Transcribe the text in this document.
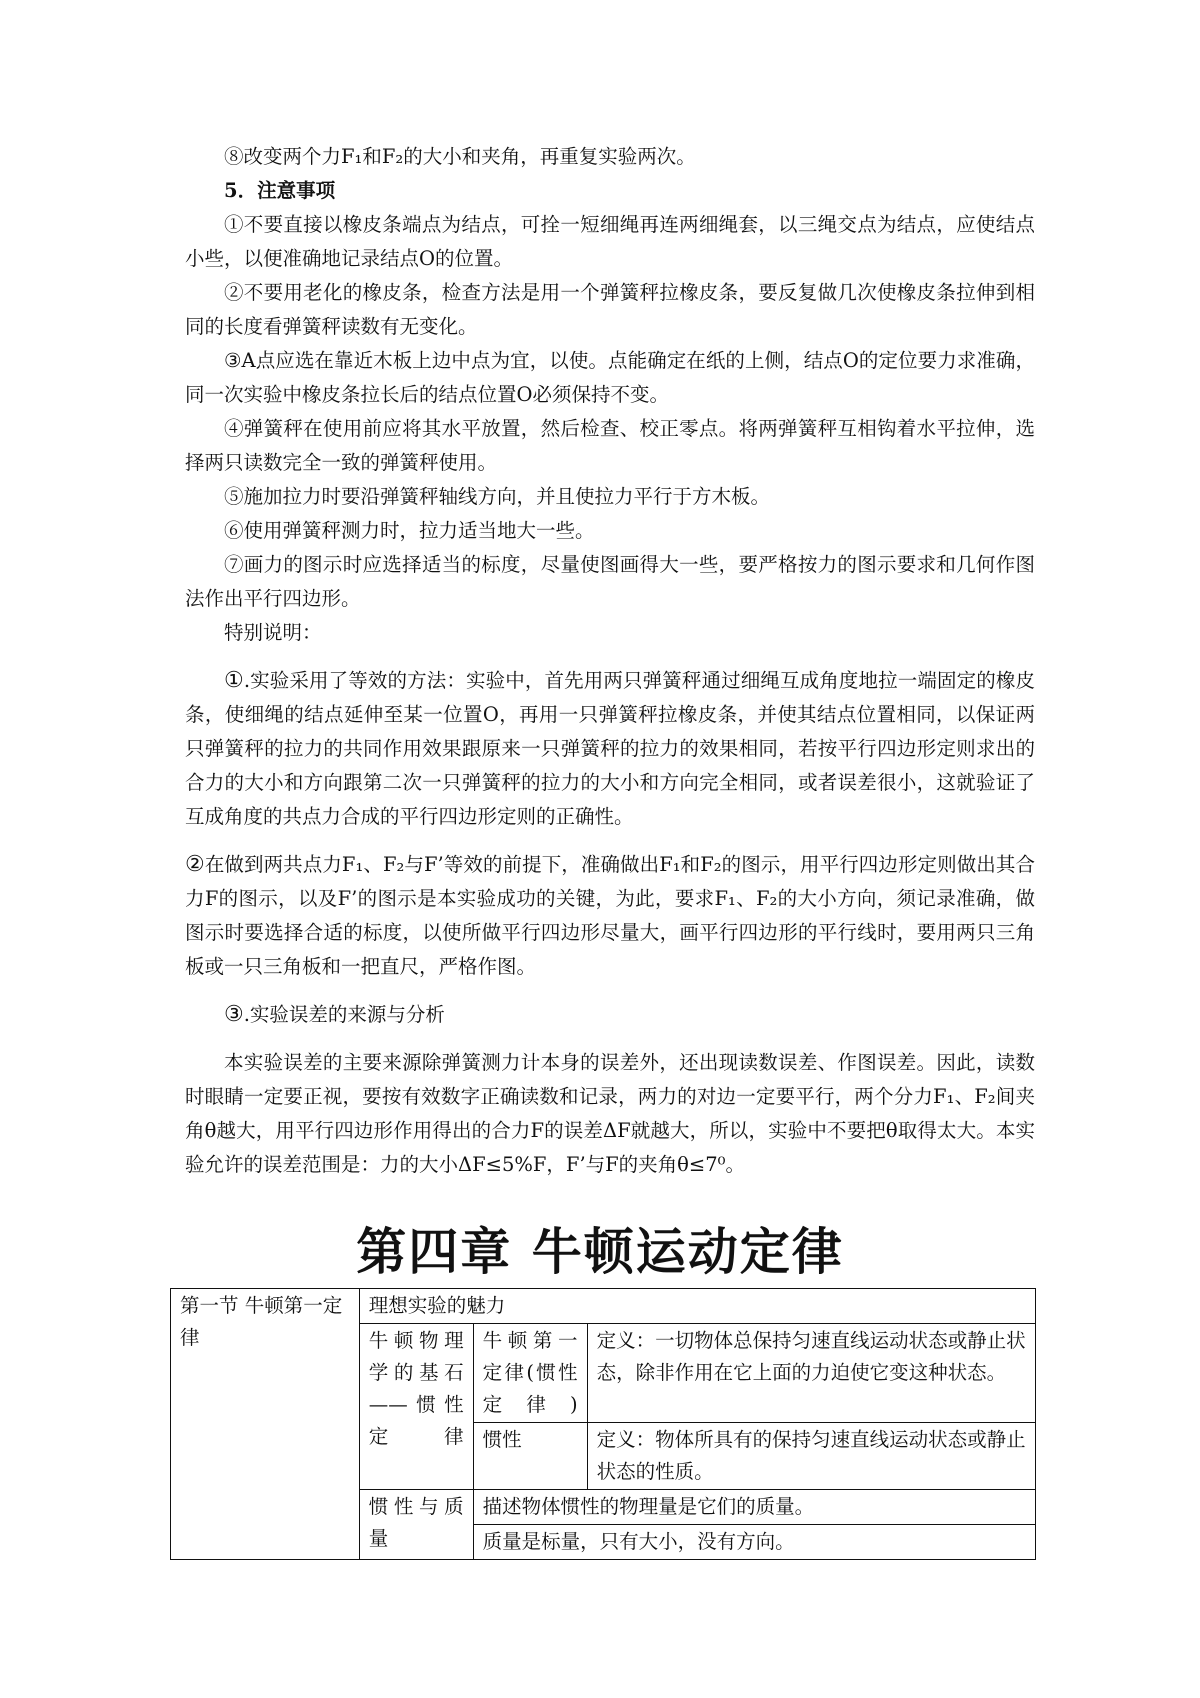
⑧改变两个力F₁和F₂的大小和夹角，再重复实验两次。

5．注意事项

①不要直接以橡皮条端点为结点，可拴一短细绳再连两细绳套，以三绳交点为结点，应使结点小些，以便准确地记录结点O的位置。

②不要用老化的橡皮条，检查方法是用一个弹簧秤拉橡皮条，要反复做几次使橡皮条拉伸到相同的长度看弹簧秤读数有无变化。

③A点应选在靠近木板上边中点为宜，以使。点能确定在纸的上侧，结点O的定位要力求准确，同一次实验中橡皮条拉长后的结点位置O必须保持不变。

④弹簧秤在使用前应将其水平放置，然后检查、校正零点。将两弹簧秤互相钩着水平拉伸，选择两只读数完全一致的弹簧秤使用。

⑤施加拉力时要沿弹簧秤轴线方向，并且使拉力平行于方木板。

⑥使用弹簧秤测力时，拉力适当地大一些。

⑦画力的图示时应选择适当的标度，尽量使图画得大一些，要严格按力的图示要求和几何作图法作出平行四边形。

特别说明：

①.实验采用了等效的方法：实验中，首先用两只弹簧秤通过细绳互成角度地拉一端固定的橡皮条，使细绳的结点延伸至某一位置O，再用一只弹簧秤拉橡皮条，并使其结点位置相同，以保证两只弹簧秤的拉力的共同作用效果跟原来一只弹簧秤的拉力的效果相同，若按平行四边形定则求出的合力的大小和方向跟第二次一只弹簧秤的拉力的大小和方向完全相同，或者误差很小，这就验证了互成角度的共点力合成的平行四边形定则的正确性。

②在做到两共点力F₁、F₂与F’等效的前提下，准确做出F₁和F₂的图示，用平行四边形定则做出其合力F的图示，以及F’的图示是本实验成功的关键，为此，要求F₁、F₂的大小方向，须记录准确，做图示时要选择合适的标度，以使所做平行四边形尽量大，画平行四边形的平行线时，要用两只三角板或一只三角板和一把直尺，严格作图。

③.实验误差的来源与分析

本实验误差的主要来源除弹簧测力计本身的误差外，还出现读数误差、作图误差。因此，读数时眼睛一定要正视，要按有效数字正确读数和记录，两力的对边一定要平行，两个分力F₁、F₂间夹角θ越大，用平行四边形作用得出的合力F的误差ΔF就越大，所以，实验中不要把θ取得太大。本实验允许的误差范围是：力的大小ΔF≤5%F，F’与F的夹角θ≤7⁰。

第四章 牛顿运动定律
第一节 牛顿第一定律	理想实验的魅力		
	牛顿物理学的基石——惯性定律	牛顿第一定律(惯性定律)	定义：一切物体总保持匀速直线运动状态或静止状态，除非作用在它上面的力迫使它变这种状态。
		惯性	定义：物体所具有的保持匀速直线运动状态或静止状态的性质。
	惯性与质量	描述物体惯性的物理量是它们的质量。	
		质量是标量，只有大小，没有方向。	
